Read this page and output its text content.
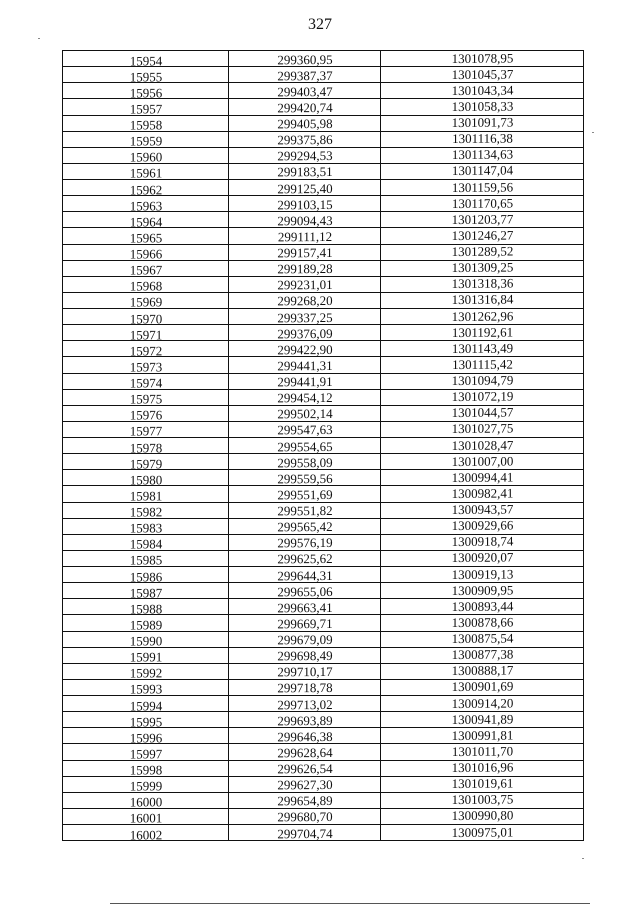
327
15954	299360,95	1301078,95
15955	299387,37	1301045,37
15956	299403,47	1301043,34
15957	299420,74	1301058,33
15958	299405,98	1301091,73
15959	299375,86	1301116,38
15960	299294,53	1301134,63
15961	299183,51	1301147,04
15962	299125,40	1301159,56
15963	299103,15	1301170,65
15964	299094,43	1301203,77
15965	299111,12	1301246,27
15966	299157,41	1301289,52
15967	299189,28	1301309,25
15968	299231,01	1301318,36
15969	299268,20	1301316,84
15970	299337,25	1301262,96
15971	299376,09	1301192,61
15972	299422,90	1301143,49
15973	299441,31	1301115,42
15974	299441,91	1301094,79
15975	299454,12	1301072,19
15976	299502,14	1301044,57
15977	299547,63	1301027,75
15978	299554,65	1301028,47
15979	299558,09	1301007,00
15980	299559,56	1300994,41
15981	299551,69	1300982,41
15982	299551,82	1300943,57
15983	299565,42	1300929,66
15984	299576,19	1300918,74
15985	299625,62	1300920,07
15986	299644,31	1300919,13
15987	299655,06	1300909,95
15988	299663,41	1300893,44
15989	299669,71	1300878,66
15990	299679,09	1300875,54
15991	299698,49	1300877,38
15992	299710,17	1300888,17
15993	299718,78	1300901,69
15994	299713,02	1300914,20
15995	299693,89	1300941,89
15996	299646,38	1300991,81
15997	299628,64	1301011,70
15998	299626,54	1301016,96
15999	299627,30	1301019,61
16000	299654,89	1301003,75
16001	299680,70	1300990,80
16002	299704,74	1300975,01
